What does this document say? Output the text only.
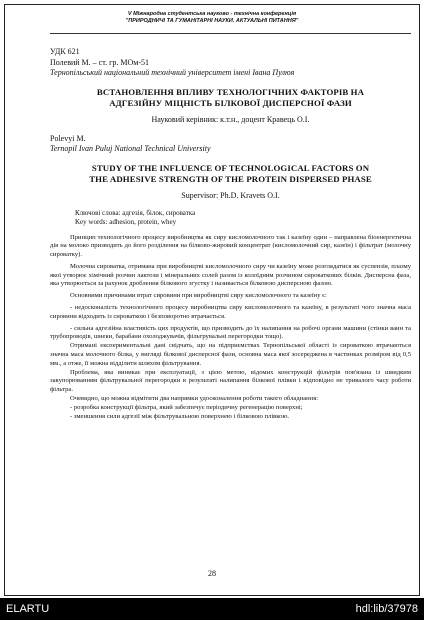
V Міжнародна студентська науково - технічна конференція
"ПРИРОДНИЧІ ТА ГУМАНІТАРНІ НАУКИ. АКТУАЛЬНІ ПИТАННЯ"
УДК 621
Полевий М. – ст. гр. МОм-51
Тернопільський національний технічний університет імені Івана Пулюя
ВСТАНОВЛЕННЯ ВПЛИВУ ТЕХНОЛОГІЧНИХ ФАКТОРІВ НА
АДГЕЗІЙНУ МІЦНІСТЬ БІЛКОВОЇ ДИСПЕРСНОЇ ФАЗИ
Науковий керівник: к.т.н., доцент Кравець О.І.
Polevyi M.
Ternopil Ivan Puluj National Technical University
STUDY OF THE INFLUENCE OF TECHNOLOGICAL FACTORS ON
THE ADHESIVE STRENGTH OF THE PROTEIN DISPERSED PHASE
Supervisor: Ph.D. Kravets O.I.
Ключові слова: адгезія, білок, сироватка
Key words: adhesion, protein, whey

Принцип технологічного процесу виробництва як сиру кисломолочного так і казеїну один – направлена біоенергетична дія на молоко призводить до його розділення на білково-жировий концентрат (кисломолочний сир, казеїн) і фільтрат (молочну сироватку).

Молочна сироватка, отримана при виробництві кисломолочного сиру чи казеїну може розглядатися як суспензія, плазму якої утворює хімічний розчин лактози і мінеральних солей разом із колоїдним розчином сироваткових білків. Дисперсна фаза, яка утворюється за рахунок дроблення білкового згустку і називається білковою дисперсною фазою.

Основними причинами втрат сировини при виробництві сиру кисломолочного та казеїну є:

- недосконалість технологічного процесу виробництва сиру кисломолочного та казеїну, в результаті чого значна маса сировини відходить із сироваткою і безповоротно втрачається.

- сильна адгезійна властивість цих продуктів, що призводить до їх налипання на робочі органи машини (стінки ванн та трубопроводів, шнеки, барабани охолоджувачів, фільтрувальні перегородки тощо).

Отримані експериментальні дані свідчать, що на підприємствах Тернопільської області із сироваткою втрачаються значна маса молочного білка, у вигляді білкової дисперсної фази, основна маса якої зосереджена в частинках розміром від 0,5 мм., а отже, її можна відділити шляхом фільтрування.

Проблема, яка виникає при експлуатації, з цією метою, відомих конструкцій фільтрів пов'язана із швидким закупорюванням фільтрувальної перегородки в результаті налипання білкової плівки і відповідно не тривалого часу роботи фільтра.

Очевидно, що можна відмітити два напрямки удосконалення роботи такого обладнання:

- розробка конструкції фільтра, який забезпечує періодичну регенерацію поверхні;

- зменшення сили адгезії між фільтрувальною поверхнею і білковою плівкою.

28
ELARTU	hdl:lib/37978
